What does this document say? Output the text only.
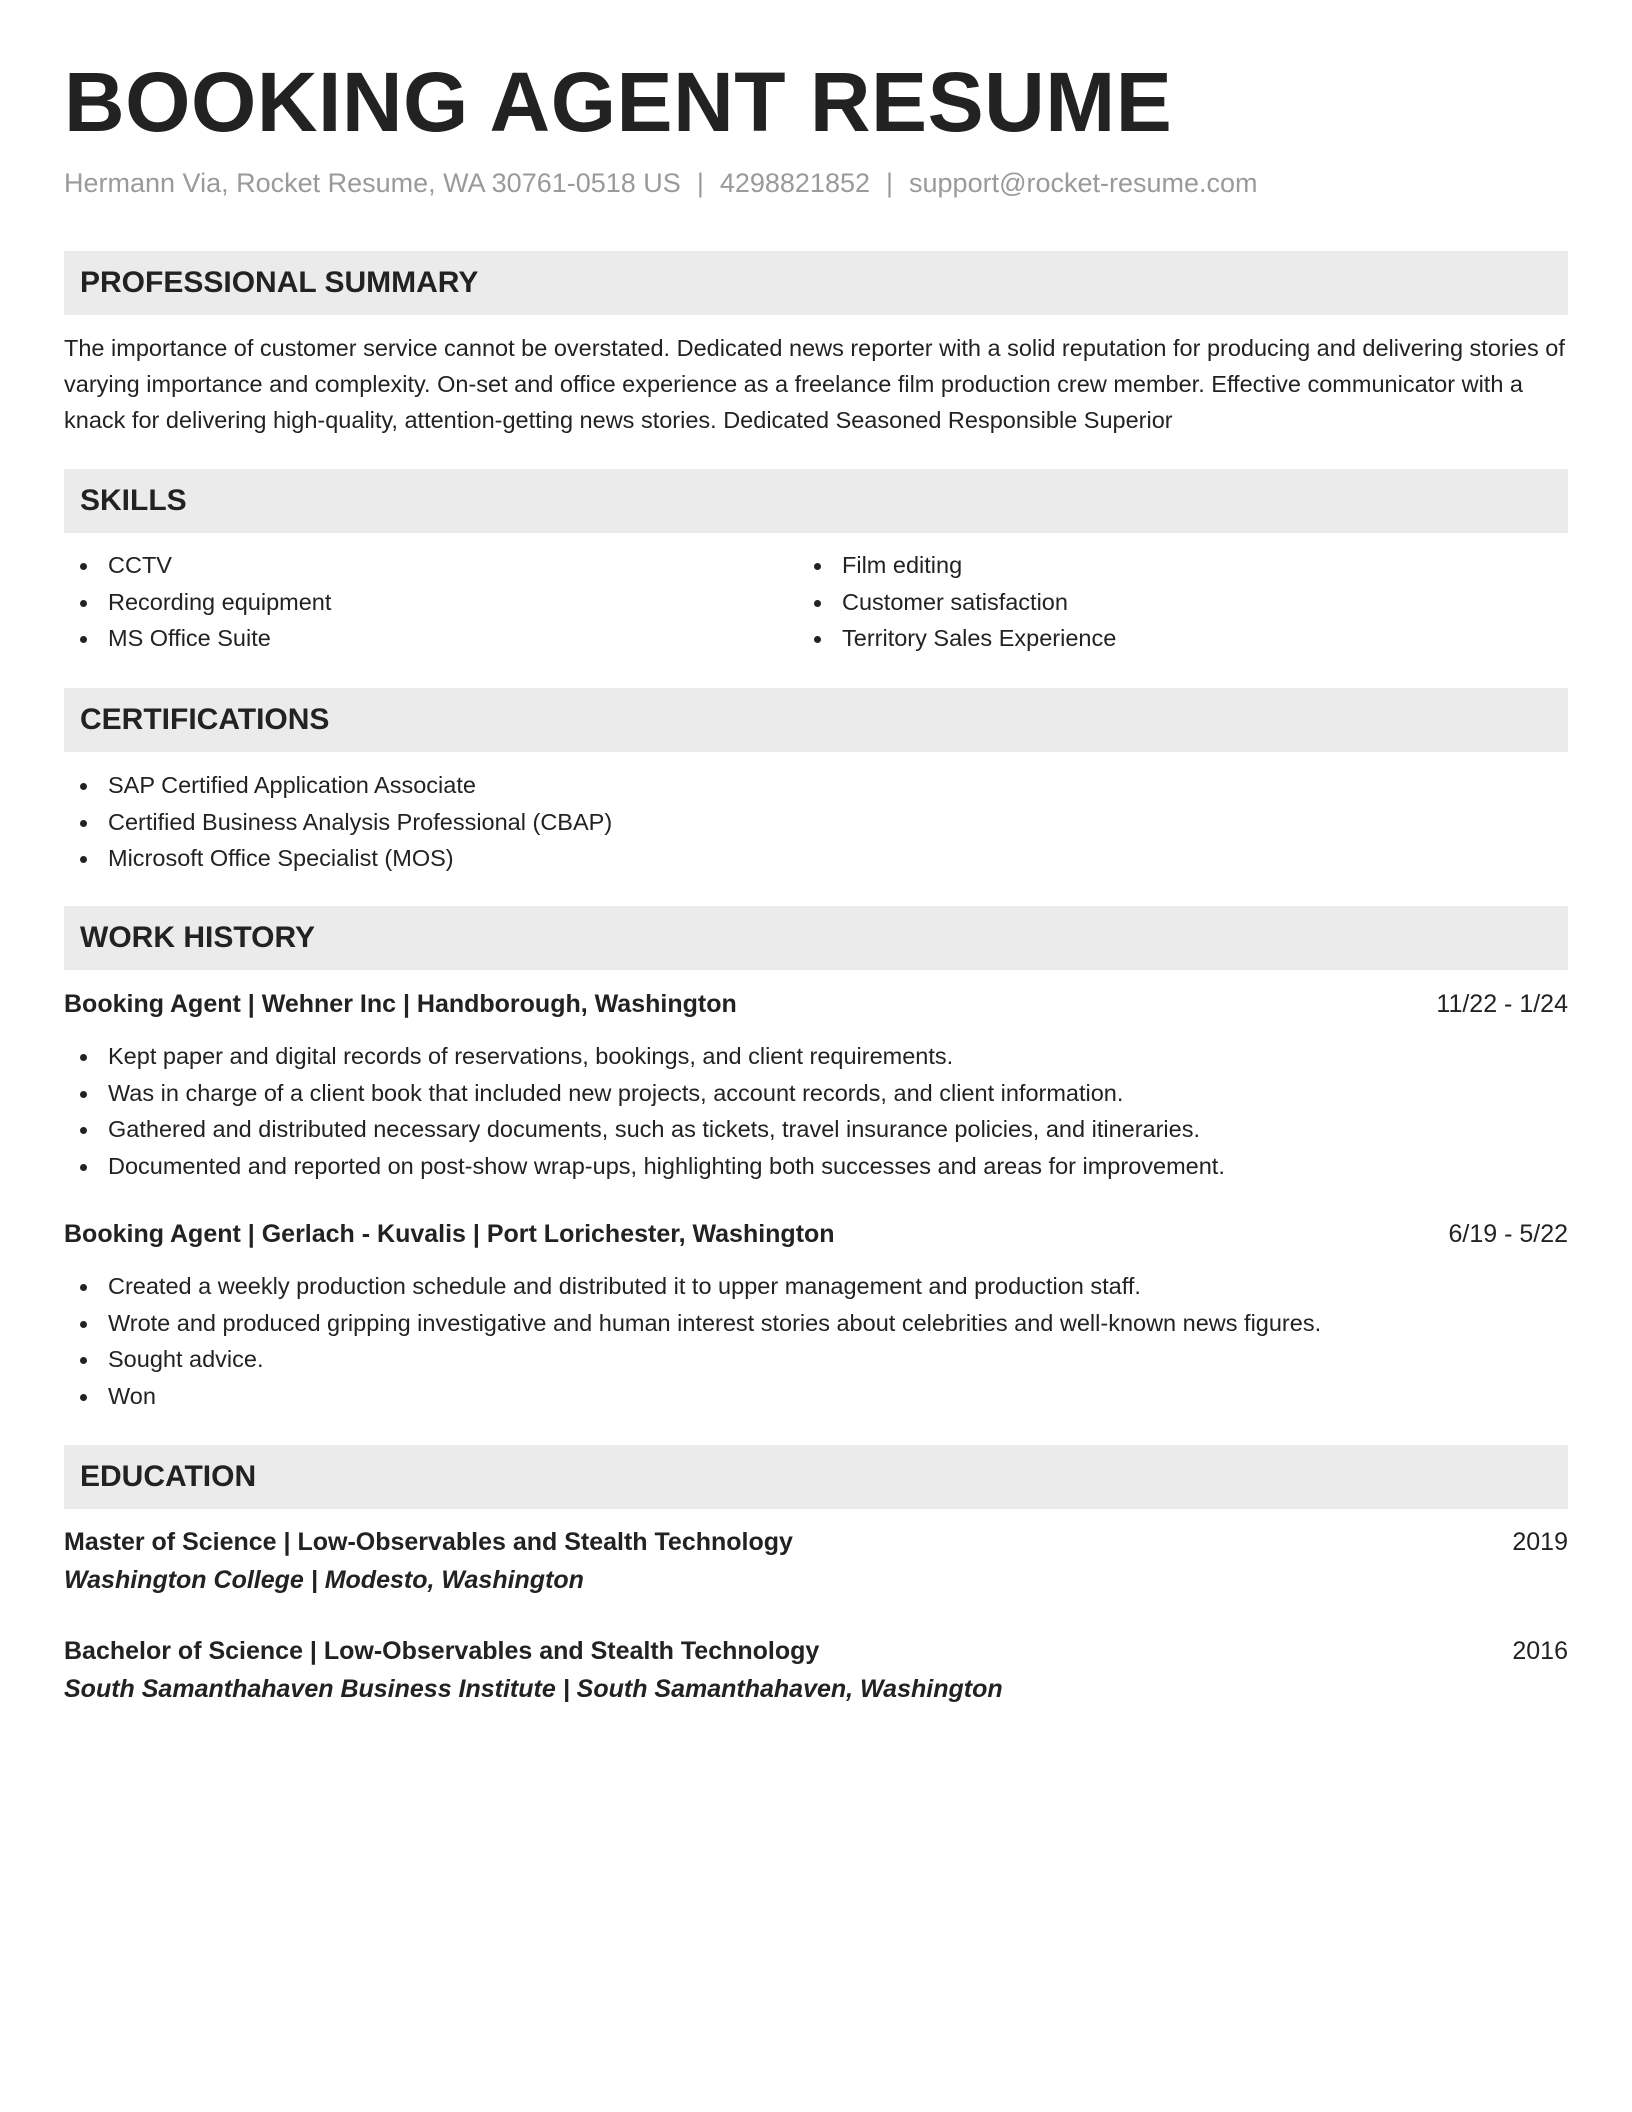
BOOKING AGENT RESUME
Hermann Via, Rocket Resume, WA 30761-0518 US | 4298821852 | support@rocket-resume.com
PROFESSIONAL SUMMARY
The importance of customer service cannot be overstated. Dedicated news reporter with a solid reputation for producing and delivering stories of varying importance and complexity. On-set and office experience as a freelance film production crew member. Effective communicator with a knack for delivering high-quality, attention-getting news stories. Dedicated Seasoned Responsible Superior
SKILLS
CCTV
Recording equipment
MS Office Suite
Film editing
Customer satisfaction
Territory Sales Experience
CERTIFICATIONS
SAP Certified Application Associate
Certified Business Analysis Professional (CBAP)
Microsoft Office Specialist (MOS)
WORK HISTORY
Booking Agent | Wehner Inc | Handborough, Washington	11/22 - 1/24
Kept paper and digital records of reservations, bookings, and client requirements.
Was in charge of a client book that included new projects, account records, and client information.
Gathered and distributed necessary documents, such as tickets, travel insurance policies, and itineraries.
Documented and reported on post-show wrap-ups, highlighting both successes and areas for improvement.
Booking Agent | Gerlach - Kuvalis | Port Lorichester, Washington	6/19 - 5/22
Created a weekly production schedule and distributed it to upper management and production staff.
Wrote and produced gripping investigative and human interest stories about celebrities and well-known news figures.
Sought advice.
Won
EDUCATION
Master of Science | Low-Observables and Stealth Technology	2019
Washington College | Modesto, Washington
Bachelor of Science | Low-Observables and Stealth Technology	2016
South Samanthahaven Business Institute | South Samanthahaven, Washington
